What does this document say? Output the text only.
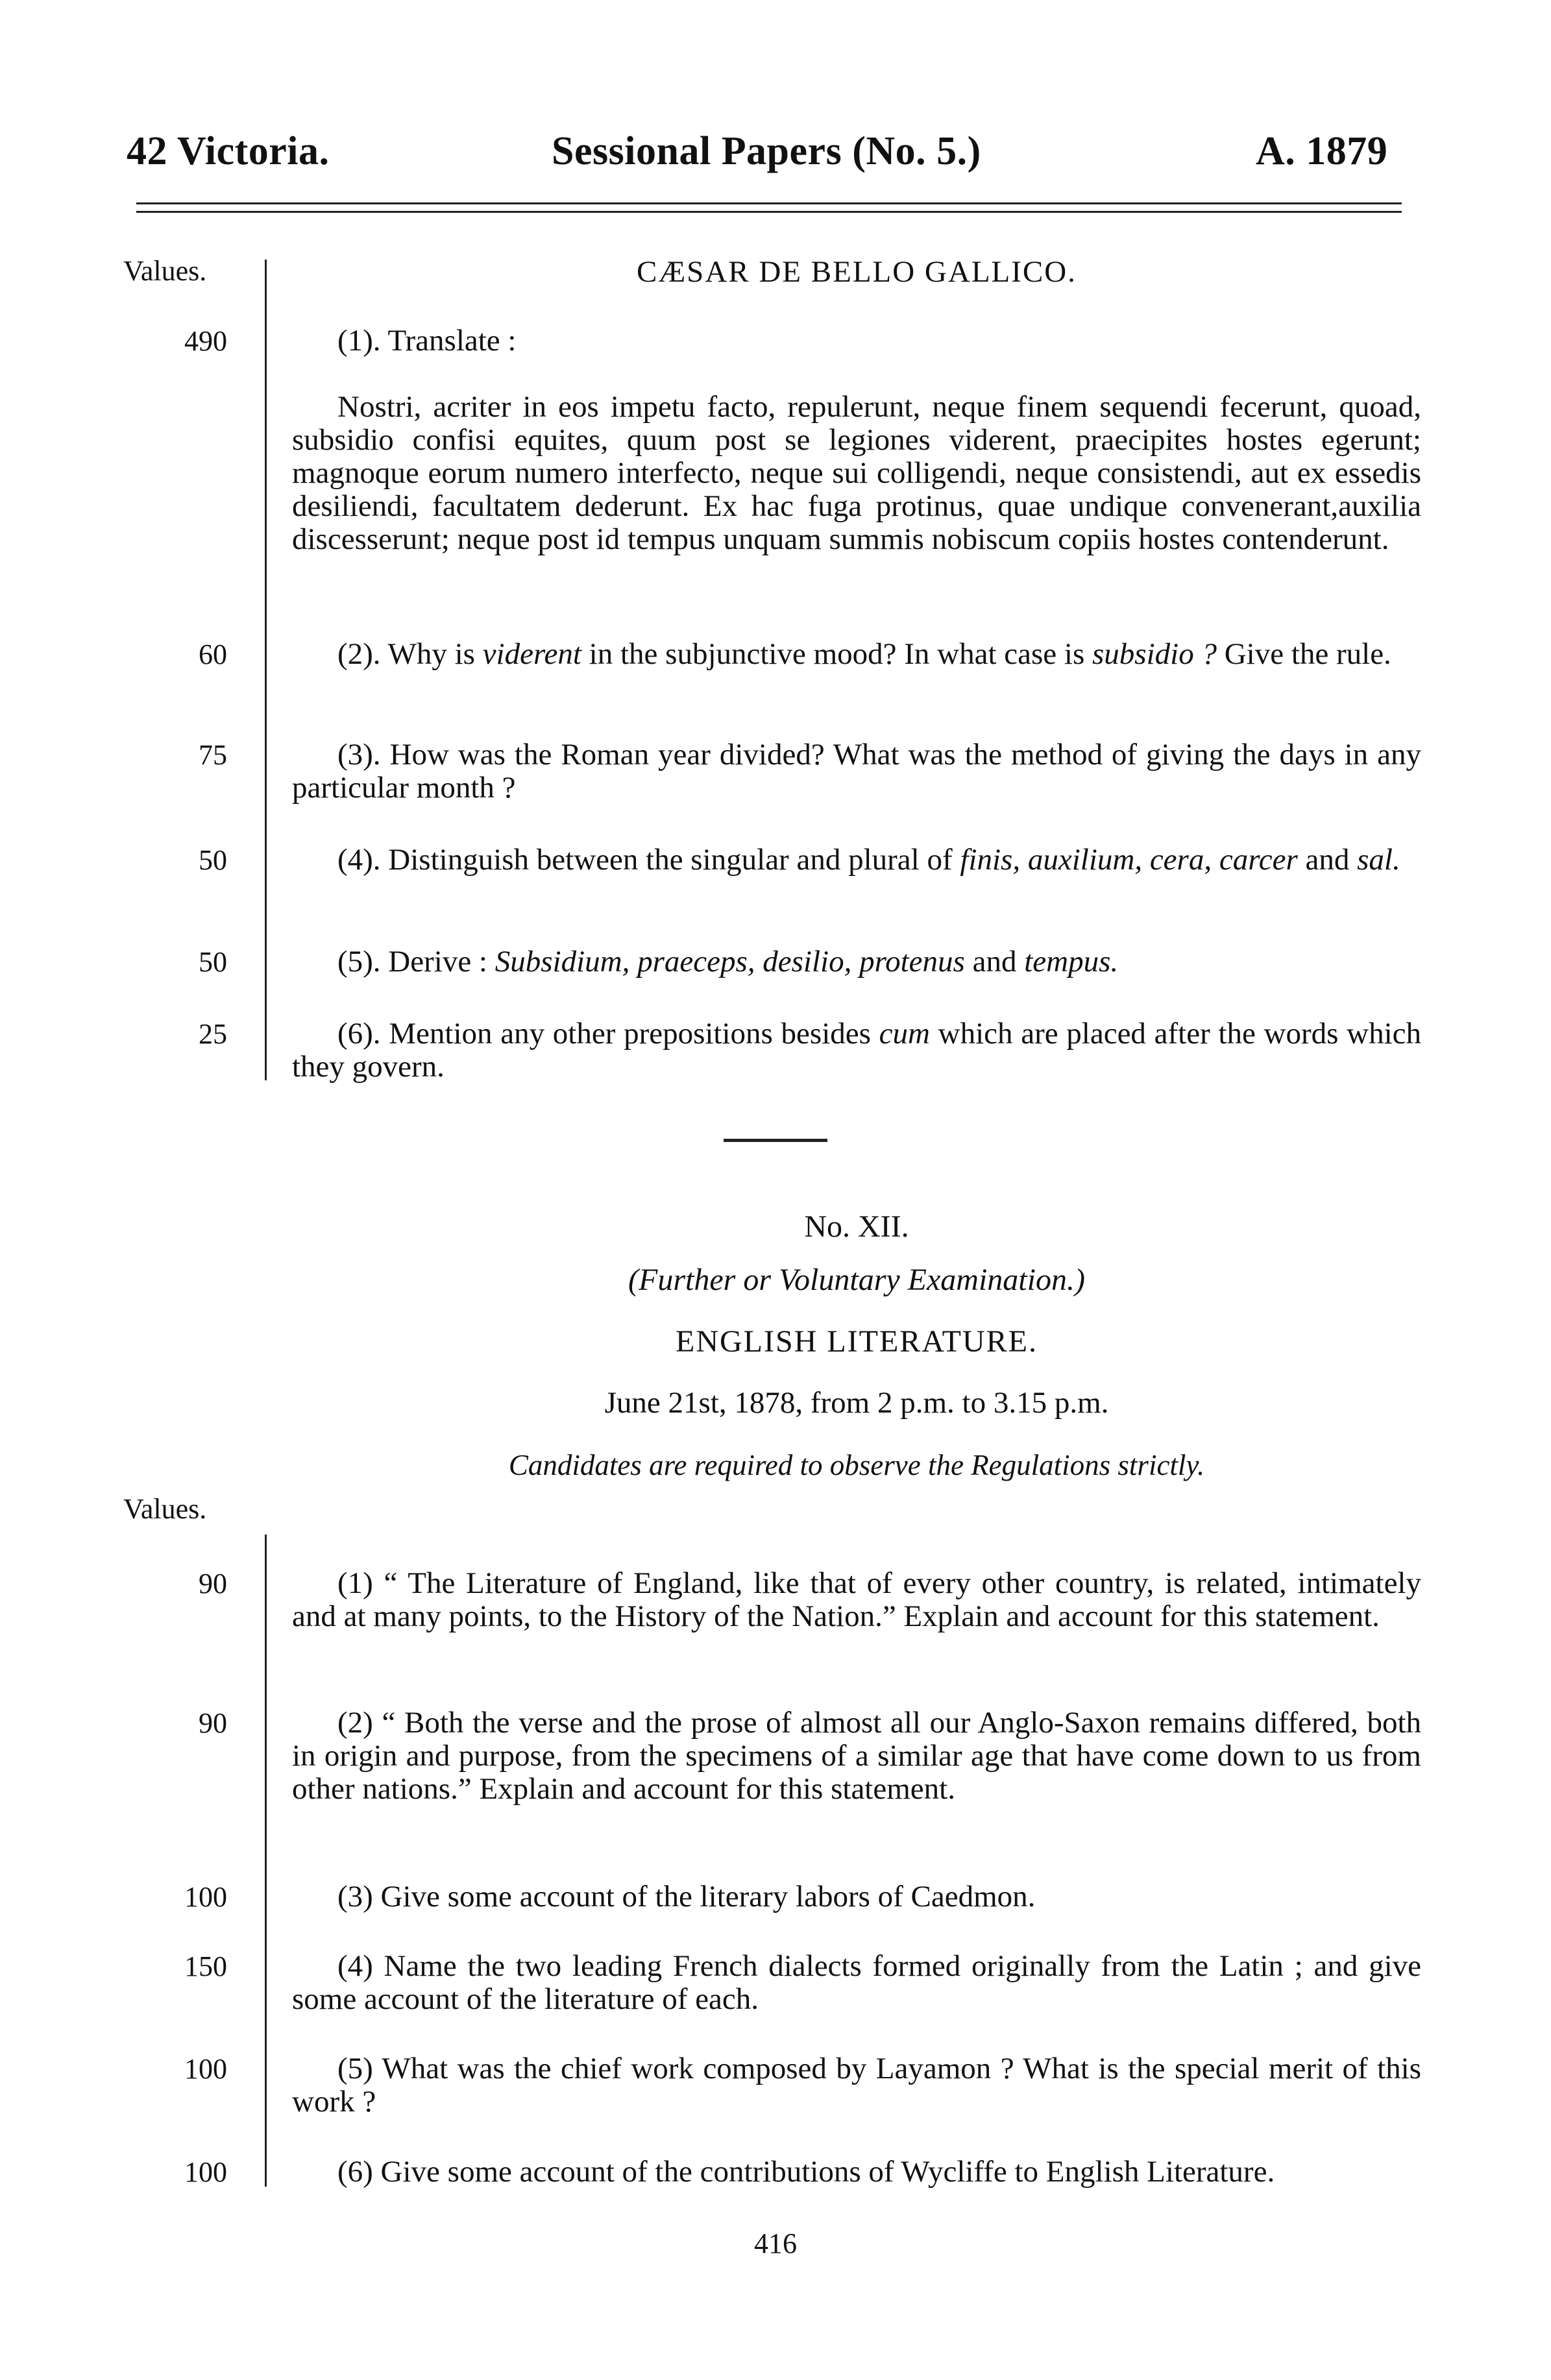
42 Victoria.	Sessional Papers (No. 5.)	A. 1879
Values.	CÆSAR DE BELLO GALLICO.
490	(1). Translate :

Nostri, acriter in eos impetu facto, repulerunt, neque finem sequendi fecerunt, quoad, subsidio confisi equites, quum post se legiones viderent, praecipites hostes egerunt; magnoque eorum numero interfecto, neque sui colligendi, neque consistendi, aut ex essedis desiliendi, facultatem dederunt. Ex hac fuga protinus, quae undique convenerant,auxilia discesserunt; neque post id tempus unquam summis nobiscum copiis hostes contenderunt.

60	(2). Why is viderent in the subjunctive mood? In what case is subsidio ? Give the rule.

75	(3). How was the Roman year divided? What was the method of giving the days in any particular month ?

50	(4). Distinguish between the singular and plural of finis, auxilium, cera, carcer and sal.

50	(5). Derive : Subsidium, praeceps, desilio, protenus and tempus.

25	(6). Mention any other prepositions besides cum which are placed after the words which they govern.

No. XII.
(Further or Voluntary Examination.)
ENGLISH LITERATURE.
June 21st, 1878, from 2 p.m. to 3.15 p.m.
Candidates are required to observe the Regulations strictly.
Values.
90	(1) “ The Literature of England, like that of every other country, is related, intimately and at many points, to the History of the Nation.” Explain and account for this statement.

90	(2) “ Both the verse and the prose of almost all our Anglo-Saxon remains differed, both in origin and purpose, from the specimens of a similar age that have come down to us from other nations.” Explain and account for this statement.

100	(3) Give some account of the literary labors of Caedmon.

150	(4) Name the two leading French dialects formed originally from the Latin ; and give some account of the literature of each.

100	(5) What was the chief work composed by Layamon ? What is the special merit of this work ?

100	(6) Give some account of the contributions of Wycliffe to English Literature.

416
